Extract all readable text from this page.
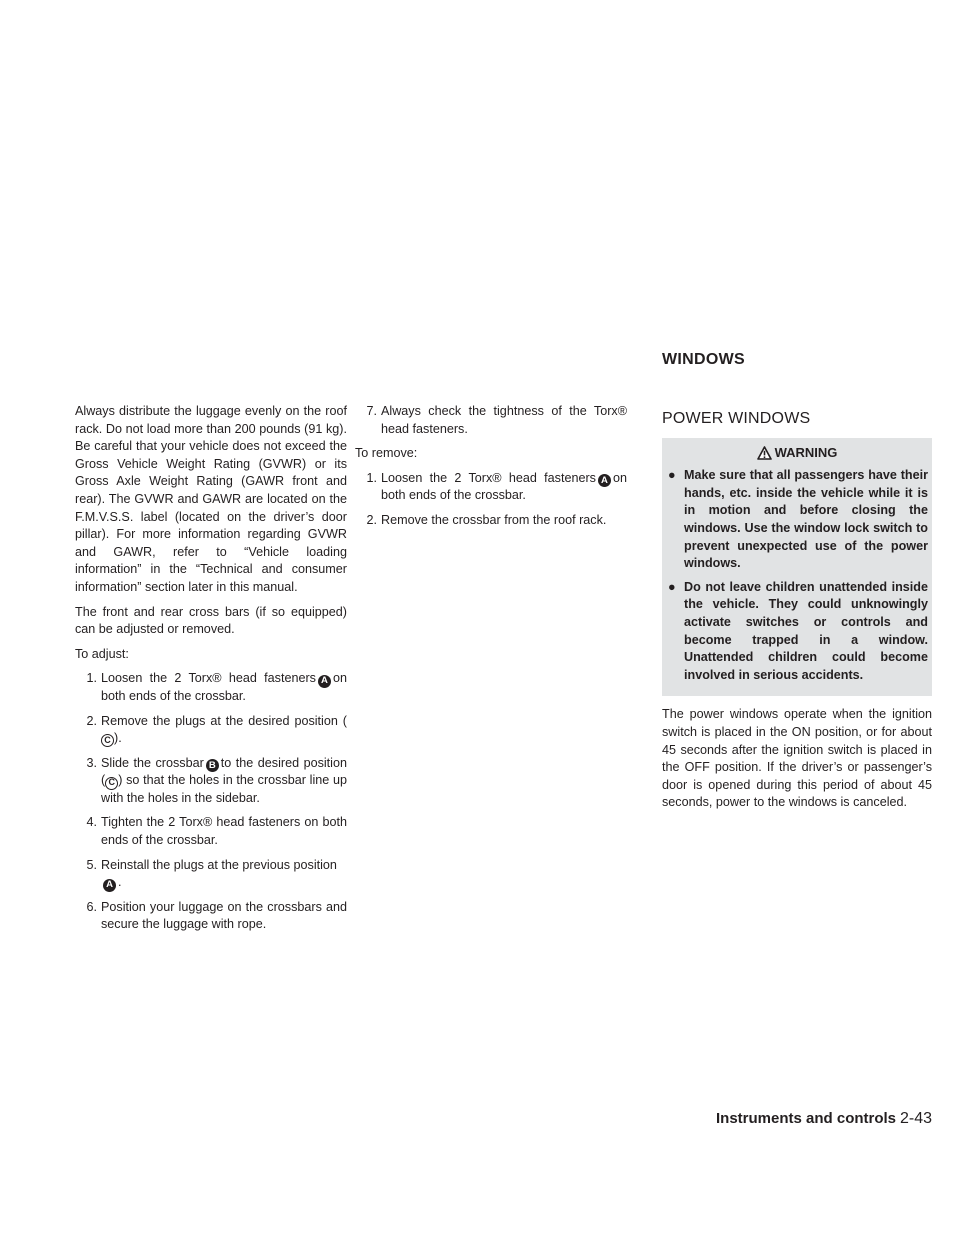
Always distribute the luggage evenly on the roof rack. Do not load more than 200 pounds (91 kg). Be careful that your vehicle does not exceed the Gross Vehicle Weight Rating (GVWR) or its Gross Axle Weight Rating (GAWR front and rear). The GVWR and GAWR are located on the F.M.V.S.S. label (located on the driver’s door pillar). For more information regarding GVWR and GAWR, refer to “Vehicle loading information” in the “Technical and consumer information” section later in this manual.

The front and rear cross bars (if so equipped) can be adjusted or removed.

To adjust:

1. Loosen the 2 Torx® head fasteners A on both ends of the crossbar.
2. Remove the plugs at the desired position (C ).
3. Slide the crossbar B to the desired position ( C ) so that the holes in the crossbar line up with the holes in the sidebar.
4. Tighten the 2 Torx® head fasteners on both ends of the crossbar.
5. Reinstall the plugs at the previous position
A .
6. Position your luggage on the crossbars and secure the luggage with rope.
7. Always check the tightness of the Torx® head fasteners.

To remove:

1. Loosen the 2 Torx® head fasteners A on both ends of the crossbar.
2. Remove the crossbar from the roof rack.
WINDOWS
POWER WINDOWS
WARNING
● Make sure that all passengers have their hands, etc. inside the vehicle while it is in motion and before closing the windows. Use the window lock switch to prevent unexpected use of the power windows.
● Do not leave children unattended inside the vehicle. They could unknowingly activate switches or controls and become trapped in a window. Unattended children could become involved in serious accidents.

The power windows operate when the ignition switch is placed in the ON position, or for about 45 seconds after the ignition switch is placed in the OFF position. If the driver’s or passenger’s door is opened during this period of about 45 seconds, power to the windows is canceled.

Instruments and controls 2-43
